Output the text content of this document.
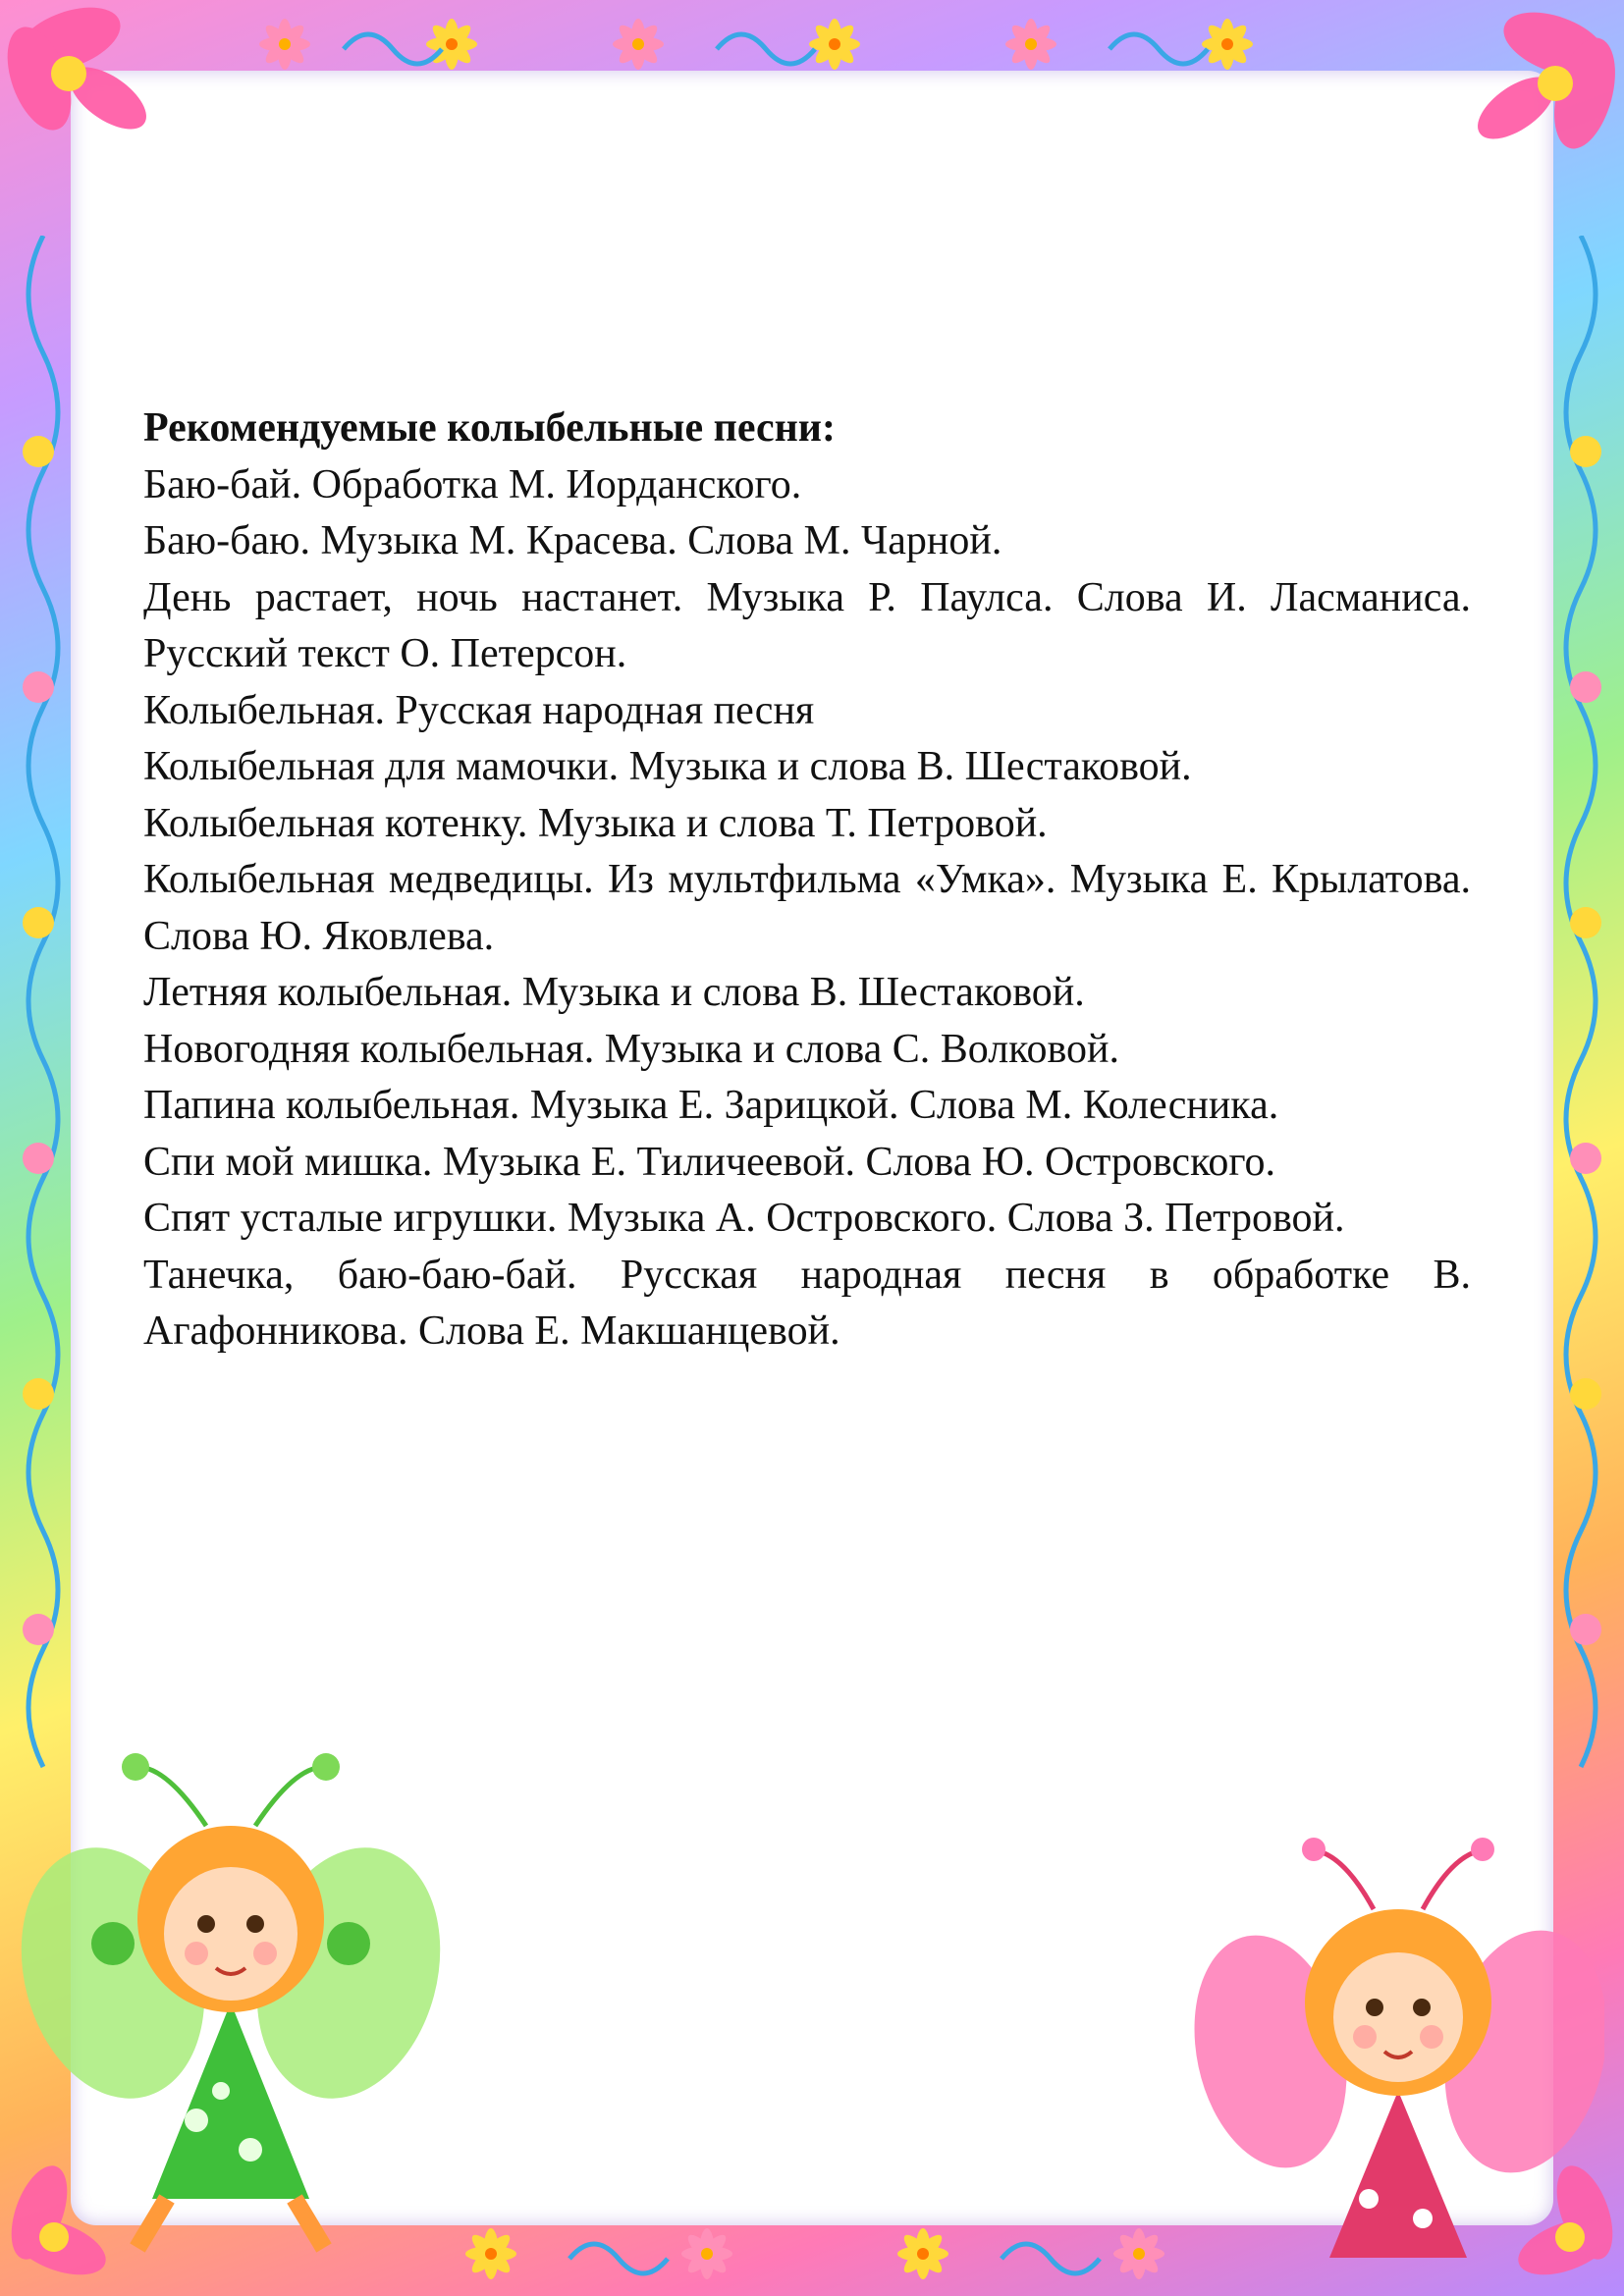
Рекомендуемые колыбельные песни:

Баю-бай. Обработка М. Иорданского.

Баю-баю. Музыка М. Красева. Слова М. Чарной.

День растает, ночь настанет. Музыка Р. Паулса. Слова И. Ласманиса. Русский текст О. Петерсон.

Колыбельная. Русская народная песня

Колыбельная для мамочки. Музыка и слова В. Шестаковой.

Колыбельная котенку. Музыка и слова Т. Петровой.

Колыбельная медведицы. Из мультфильма «Умка». Музыка Е. Крылатова. Слова Ю. Яковлева.

Летняя колыбельная. Музыка и слова В. Шестаковой.

Новогодняя колыбельная. Музыка и слова С. Волковой.

Папина колыбельная. Музыка Е. Зарицкой. Слова М. Колесника.

Спи мой мишка. Музыка Е. Тиличеевой. Слова Ю. Островского.

Спят усталые игрушки. Музыка А. Островского. Слова З. Петровой.

Танечка, баю-баю-бай. Русская народная песня в обработке В. Агафонникова. Слова Е. Макшанцевой.
